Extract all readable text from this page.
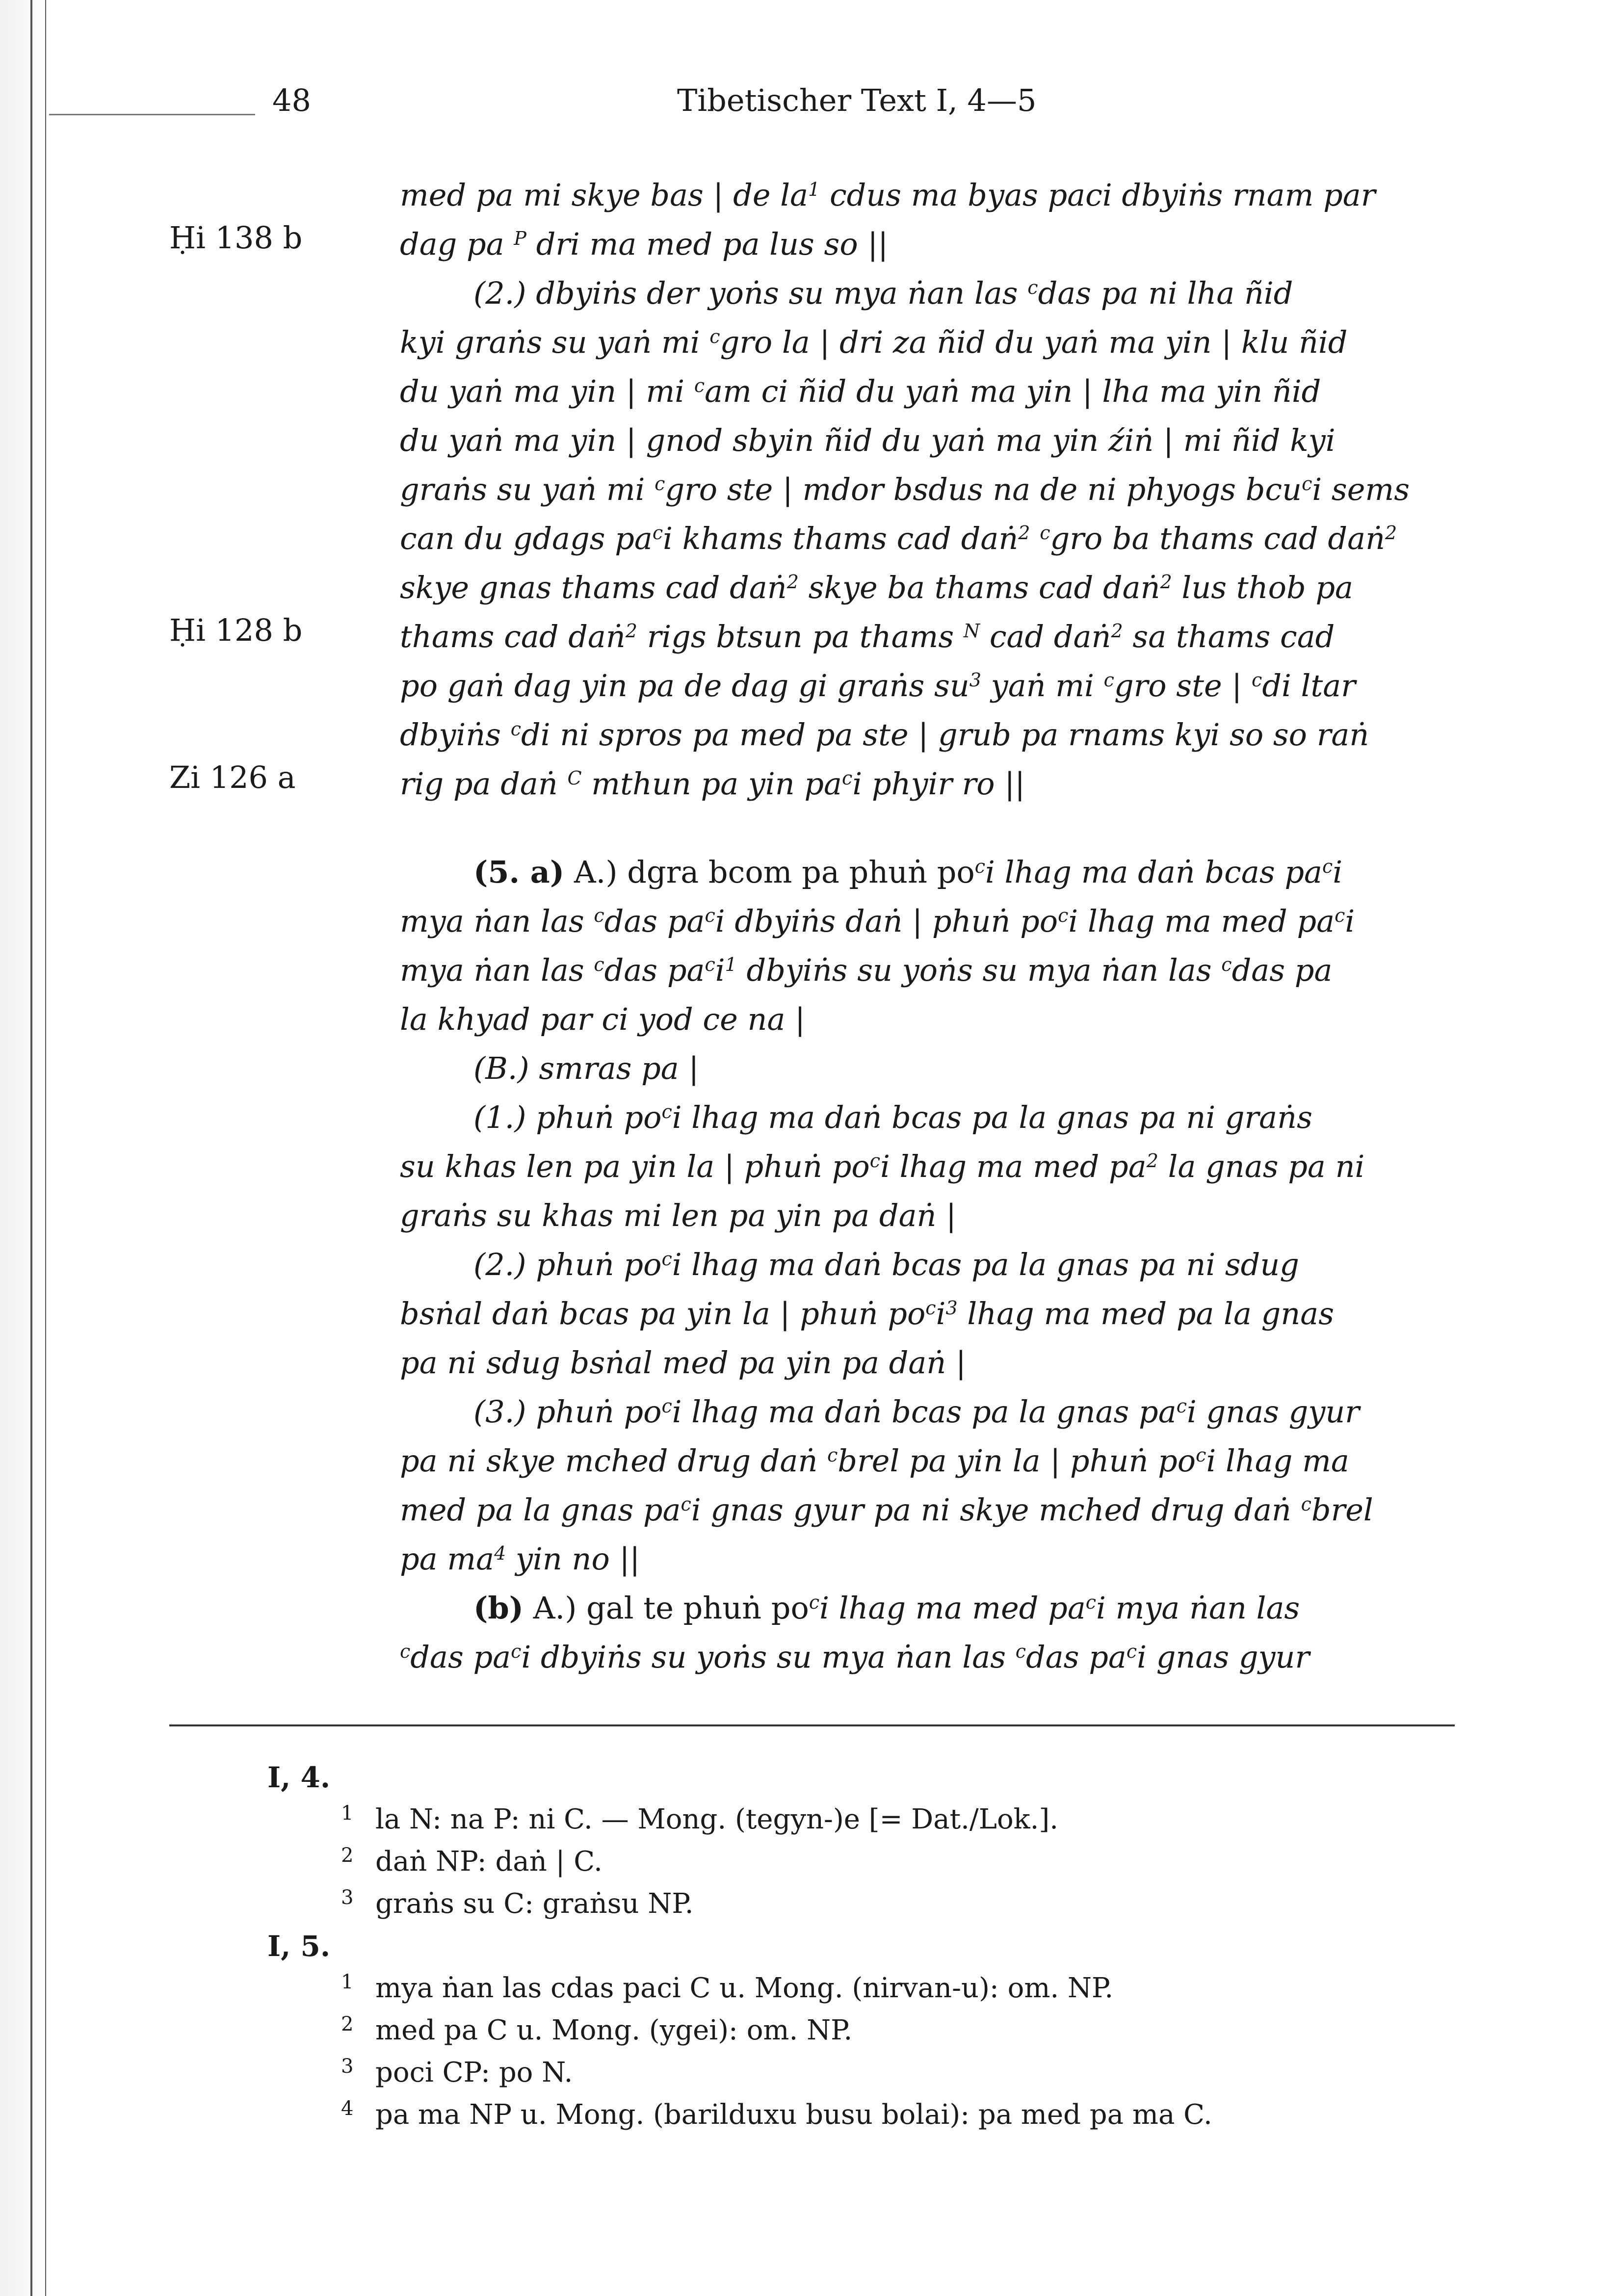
48	Tibetischer Text I, 4—5
Ḥi 138 b
Ḥi 128 b
Zi 126 a
med pa mi skye bas | de $la^1$ cdus ma byas paci dbyiṅs rnam par
dag pa $^P$ dri ma med pa lus so ||
(2.) dbyiṅs der yoṅs su mya ṅan las $^c$das pa ni lha ñid
kyi graṅs su yaṅ mi $^c$gro la | dri za ñid du yaṅ ma yin | klu ñid
du yaṅ ma yin | mi $^c$am ci ñid du yaṅ ma yin | lha ma yin ñid
du yaṅ ma yin | gnod sbyin ñid du yaṅ ma yin źiṅ | mi ñid kyi
graṅs su yaṅ mi $^c$gro ste | mdor bsdus na de ni phyogs bcu$^c$i sems
can du gdags $pa^ci$ khams thams cad daṅ$^2$ $^c$gro ba thams cad daṅ$^2$
skye gnas thams cad daṅ$^2$ skye ba thams cad daṅ$^2$ lus thob pa
thams cad daṅ$^2$ rigs btsun pa thams $^N$ cad daṅ$^2$ sa thams cad
po gaṅ dag yin pa de dag gi graṅs $su^3$ yaṅ mi $^c$gro ste | $^c$di ltar
dbyiṅs $^c$di ni spros pa med pa ste | grub pa rnams kyi so so raṅ
rig pa daṅ $^C$ mthun pa yin $pa^ci$ phyir ro ||
(5. a) A.) dgra bcom pa phuṅ $po^ci$ lhag ma daṅ bcas $pa^ci$
mya ṅan las $^c$das $pa^ci$ dbyiṅs daṅ | phuṅ $po^ci$ lhag ma med $pa^ci$
mya ṅan las $^c$das $pa^ci^1$ dbyiṅs su yoṅs su mya ṅan las $^c$das pa
la khyad par ci yod ce na |
(B.) smras pa |
(1.) phuṅ $po^ci$ lhag ma daṅ bcas pa la gnas pa ni graṅs
su khas len pa yin la | phuṅ $po^ci$ lhag ma med $pa^2$ la gnas pa ni
graṅs su khas mi len pa yin pa daṅ |
(2.) phuṅ $po^ci$ lhag ma daṅ bcas pa la gnas pa ni sdug
bsṅal daṅ bcas pa yin la | phuṅ $po^ci^3$ lhag ma med pa la gnas
pa ni sdug bsṅal med pa yin pa daṅ |
(3.) phuṅ $po^ci$ lhag ma daṅ bcas pa la gnas $pa^ci$ gnas gyur
pa ni skye mched drug daṅ $^c$brel pa yin la | phuṅ $po^ci$ lhag ma
med pa la gnas $pa^ci$ gnas gyur pa ni skye mched drug daṅ $^c$brel
pa $ma^4$ yin no ||
(b) A.) gal te phuṅ $po^ci$ lhag ma med $pa^ci$ mya ṅan las
$^c$das $pa^ci$ dbyiṅs su yoṅs su mya ṅan las $^c$das $pa^ci$ gnas gyur
I, 4.
1 la N: na P: ni C. — Mong. (tegyn-)e [= Dat./Lok.].
2 daṅ NP: daṅ | C.
3 graṅs su C: graṅsu NP.
I, 5.
1 mya ṅan las cdas paci C u. Mong. (nirvan-u): om. NP.
2 med pa C u. Mong. (ygei): om. NP.
3 poci CP: po N.
4 pa ma NP u. Mong. (barilduxu busu bolai): pa med pa ma C.
